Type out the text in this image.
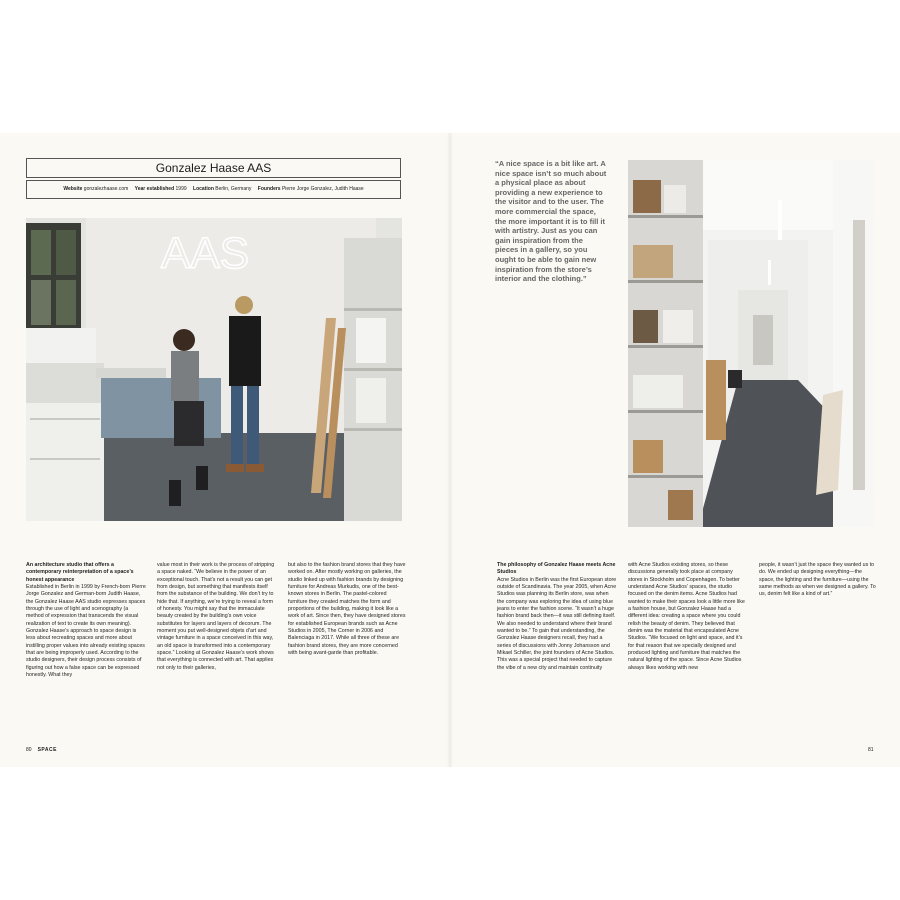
Gonzalez Haase AAS
Website gonzalezhaase.com Year established 1999 Location Berlin, Germany Founders Pierre Jorge Gonzalez, Judith Haase
AAS
An architecture studio that offers a contemporary reinterpretation of a space’s honest appearance

Established in Berlin in 1999 by French-born Pierre Jorge Gonzalez and German-born Judith Haase, the Gonzalez Haase AAS studio expresses spaces through the use of light and scenography (a method of expression that transcends the visual realization of text to create its own meaning). Gonzalez Haase’s approach to space design is less about recreating spaces and more about instilling proper values into already existing spaces that are being improperly used. According to the studio designers, their design process consists of figuring out how a false space can be expressed honestly. What they

value most in their work is the process of stripping a space naked. “We believe in the power of an exceptional touch. That’s not a result you can get from design, but something that manifests itself from the substance of the building. We don’t try to hide that. If anything, we’re trying to reveal a form of honesty. You might say that the immaculate beauty created by the building’s own voice substitutes for layers and layers of decorum. The moment you put well-designed objets d’art and vintage furniture in a space conceived in this way, an old space is transformed into a contemporary space.” Looking at Gonzalez Haase’s work shows that everything is connected with art. That applies not only to their galleries,

but also to the fashion brand stores that they have worked on. After mostly working on galleries, the studio linked up with fashion brands by designing furniture for Andreas Murkudis, one of the best-known stores in Berlin. The pastel-colored furniture they created matches the form and proportions of the building, making it look like a work of art. Since then, they have designed stores for established European brands such as Acne Studios in 2005, The Corner in 2006 and Balenciaga in 2017. While all three of these are fashion brand stores, they are more concerned with being avant-garde than profitable.

80 SPACE
“A nice space is a bit like art. A nice space isn’t so much about a physical place as about providing a new experience to the visitor and to the user. The more commercial the space, the more important it is to fill it with artistry. Just as you can gain inspiration from the pieces in a gallery, so you ought to be able to gain new inspiration from the store’s interior and the clothing.”
The philosophy of Gonzalez Haase meets Acne Studios

Acne Studios in Berlin was the first European store outside of Scandinavia. The year 2005, when Acne Studios was planning its Berlin store, was when the company was exploring the idea of using blue jeans to enter the fashion scene. “It wasn’t a huge fashion brand back then—it was still defining itself. We also needed to understand where their brand wanted to be.” To gain that understanding, the Gonzalez Haase designers recall, they had a series of discussions with Jonny Johansson and Mikael Schiller, the joint founders of Acne Studios. This was a special project that needed to capture the vibe of a new city and maintain continuity

with Acne Studios existing stores, so these discussions generally took place at company stores in Stockholm and Copenhagen. To better understand Acne Studios’ spaces, the studio focused on the denim items. Acne Studios had wanted to make their spaces look a little more like a fashion house, but Gonzalez Haase had a different idea: creating a space where you could relish the beauty of denim. They believed that denim was the material that encapsulated Acne Studios. “We focused on light and space, and it’s for that reason that we specially designed and produced lighting and furniture that matches the natural lighting of the space. Since Acne Studios always likes working with new

people, it wasn’t just the space they wanted us to do. We ended up designing everything—the space, the lighting and the furniture—using the same methods as when we designed a gallery. To us, denim felt like a kind of art.”

81
